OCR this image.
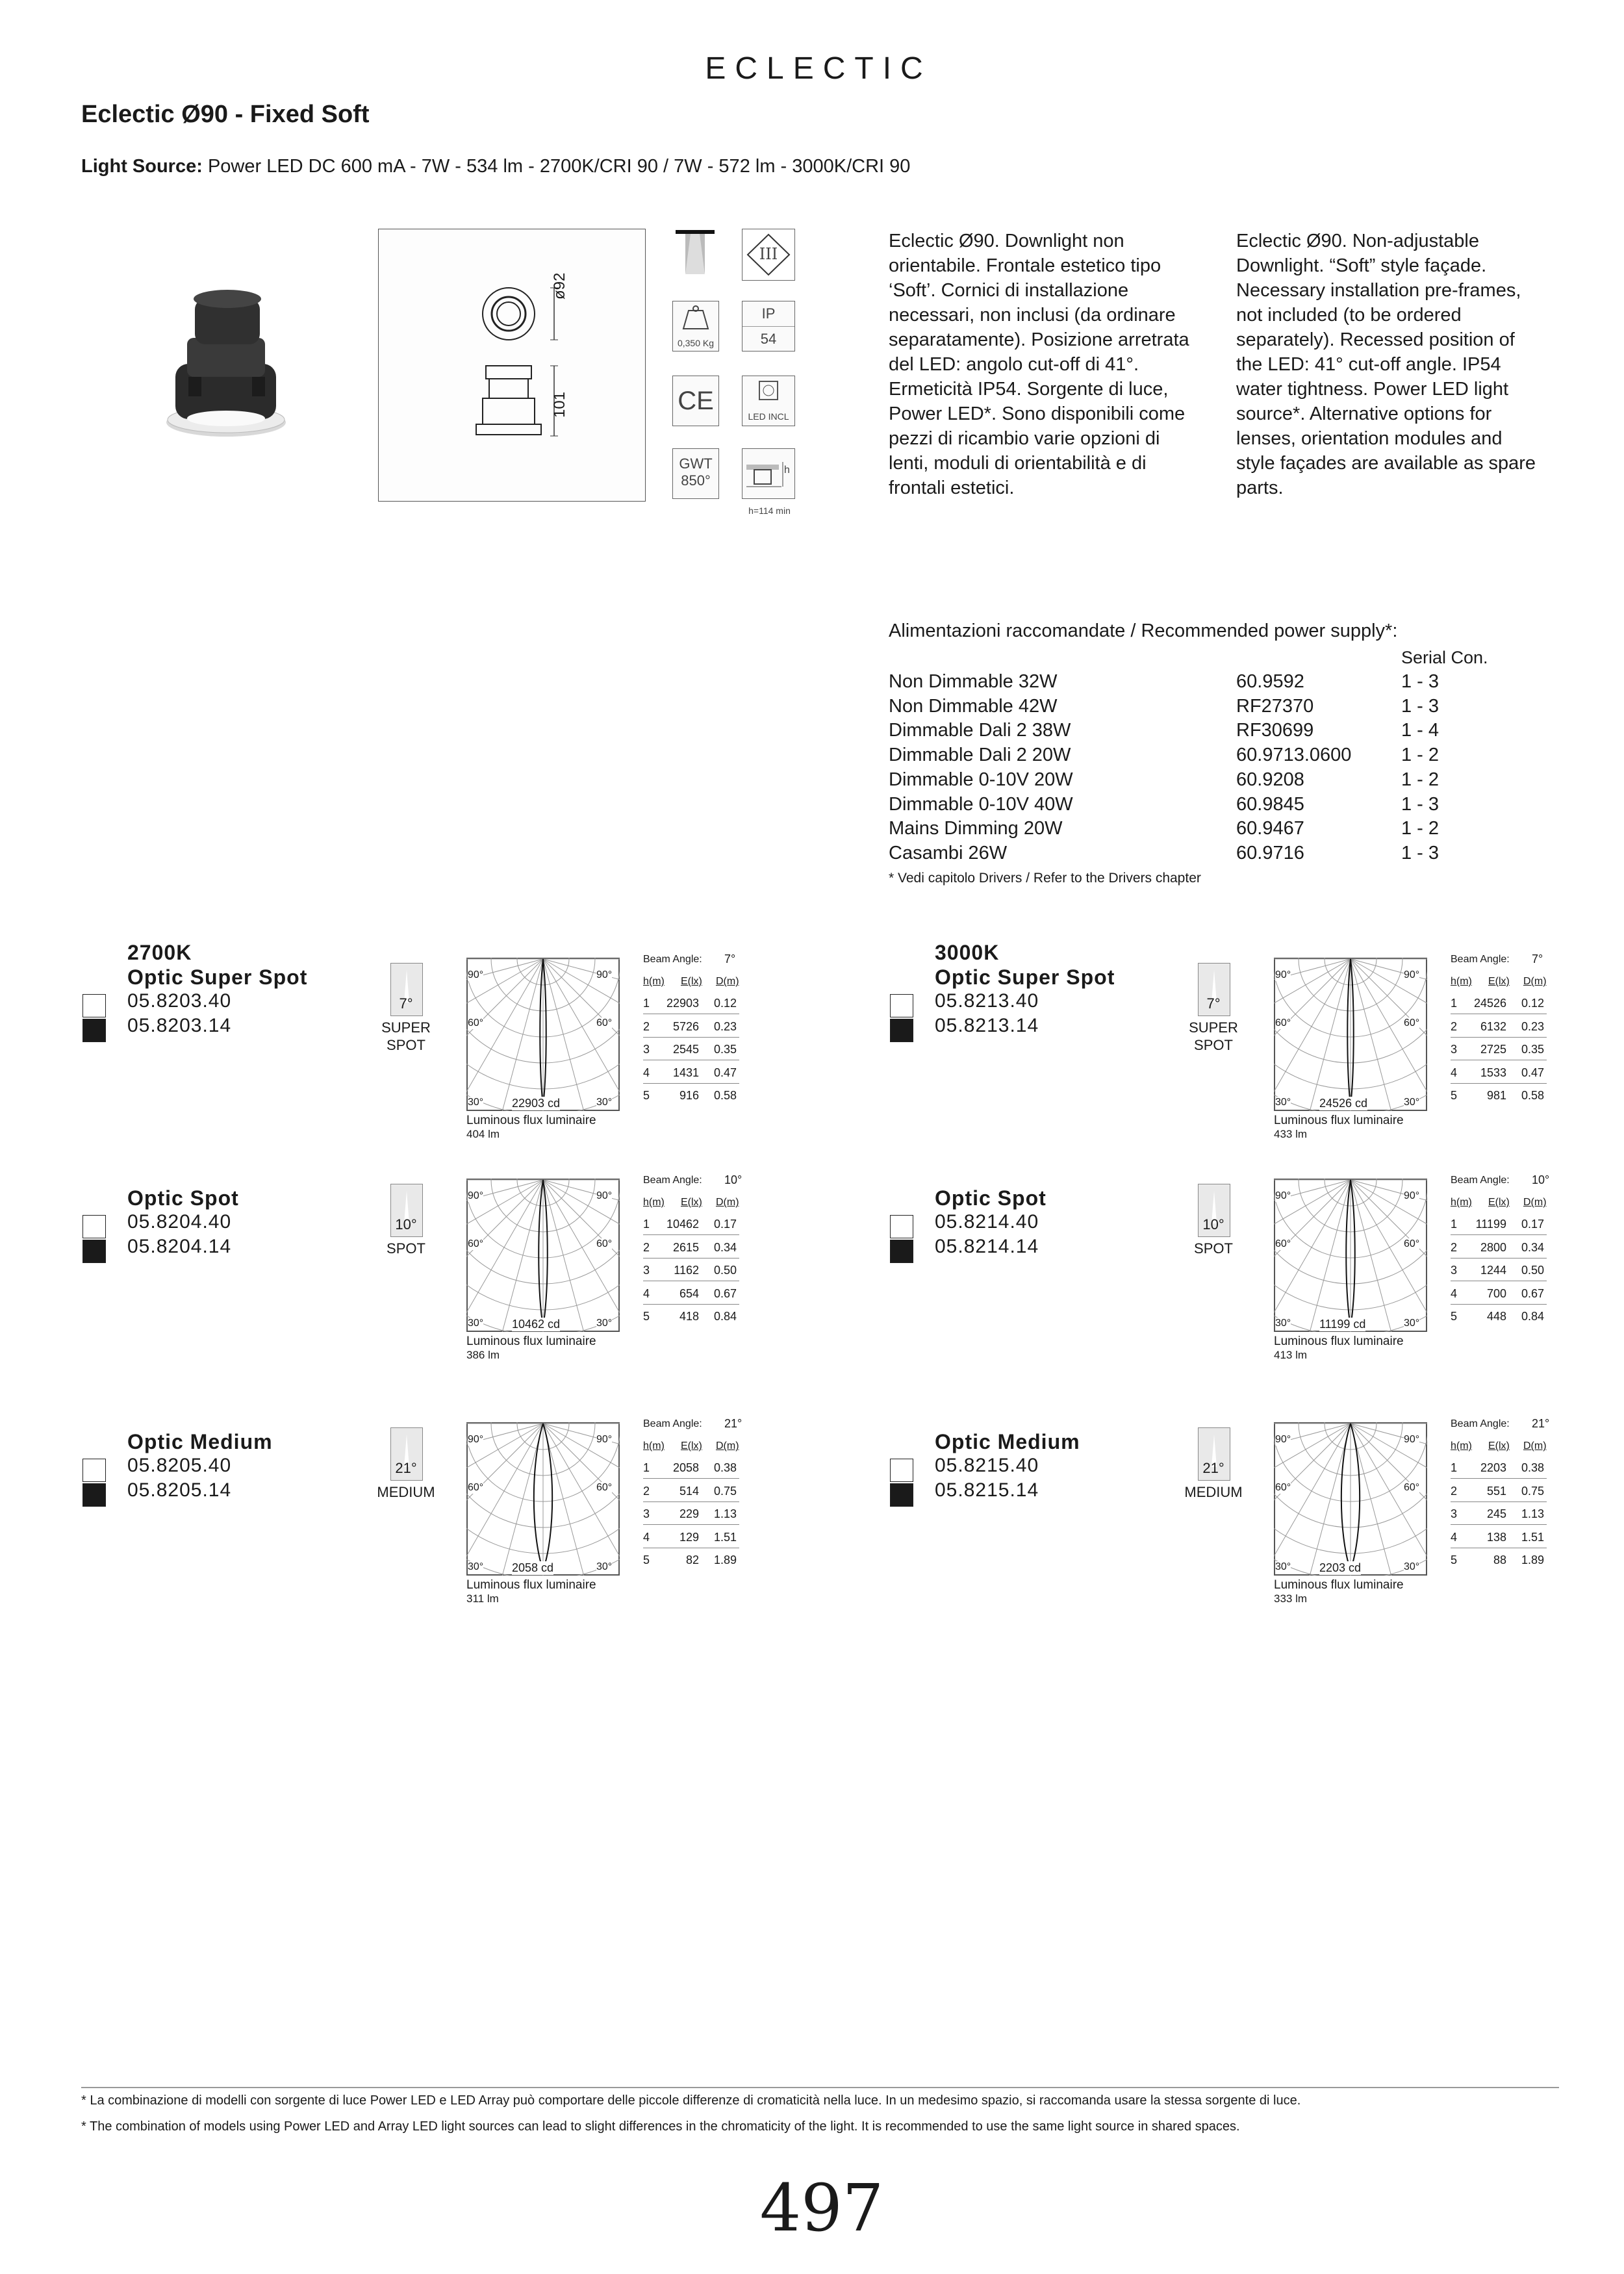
ECLECTIC
Eclectic Ø90 - Fixed Soft
Light Source: Power LED DC 600 mA - 7W - 534 lm - 2700K/CRI 90 / 7W - 572 lm - 3000K/CRI 90
ø92
101
III
0,350 Kg
IP
54
CE
LED INCL
GWT
850°
h
h=114 min
Eclectic Ø90. Downlight non
orientabile. Frontale estetico tipo
‘Soft’. Cornici di installazione
necessari, non inclusi (da ordinare
separatamente). Posizione arretrata
del LED: angolo cut-off di 41°.
Ermeticità IP54. Sorgente di luce,
Power LED*. Sono disponibili come
pezzi di ricambio varie opzioni di
lenti, moduli di orientabilità e di
frontali estetici.
Eclectic Ø90. Non-adjustable
Downlight. “Soft” style façade.
Necessary installation pre-frames,
not included (to be ordered
separately). Recessed position of
the LED: 41° cut-off angle. IP54
water tightness. Power LED light
source*. Alternative options for
lenses, orientation modules and
style façades are available as spare
parts.
Alimentazioni raccomandate / Recommended power supply*:
Serial Con.
Non Dimmable 32W	60.9592	1 - 3
Non Dimmable 42W	RF27370	1 - 3
Dimmable Dali 2 38W	RF30699	1 - 4
Dimmable Dali 2 20W	60.9713.0600	1 - 2
Dimmable 0-10V 20W	60.9208	1 - 2
Dimmable 0-10V 40W	60.9845	1 - 3
Mains Dimming 20W	60.9467	1 - 2
Casambi 26W	60.9716	1 - 3
* Vedi capitolo Drivers / Refer to the Drivers chapter
2700K
Optic Super Spot
05.8203.40
05.8203.14
7°
SUPER
SPOT
90°	90°
60°	60°
30°	30°
22903 cd
Luminous flux luminaire
404 lm
Beam Angle: 7°
h(m) E(lx) D(m)
1	22903	0.12
2	5726	0.23
3	2545	0.35
4	1431	0.47
5	916	0.58
3000K
Optic Super Spot
05.8213.40
05.8213.14
7°
SUPER
SPOT
90°	90°
60°	60°
30°	30°
24526 cd
Luminous flux luminaire
433 lm
Beam Angle: 7°
h(m) E(lx) D(m)
1	24526	0.12
2	6132	0.23
3	2725	0.35
4	1533	0.47
5	981	0.58
Optic Spot
05.8204.40
05.8204.14
10°
SPOT
90°	90°
60°	60°
30°	30°
10462 cd
Luminous flux luminaire
386 lm
Beam Angle: 10°
h(m) E(lx) D(m)
1	10462	0.17
2	2615	0.34
3	1162	0.50
4	654	0.67
5	418	0.84
Optic Spot
05.8214.40
05.8214.14
10°
SPOT
90°	90°
60°	60°
30°	30°
11199 cd
Luminous flux luminaire
413 lm
Beam Angle: 10°
h(m) E(lx) D(m)
1	11199	0.17
2	2800	0.34
3	1244	0.50
4	700	0.67
5	448	0.84
Optic Medium
05.8205.40
05.8205.14
21°
MEDIUM
90°	90°
60°	60°
30°	30°
2058 cd
Luminous flux luminaire
311 lm
Beam Angle: 21°
h(m) E(lx) D(m)
1	2058	0.38
2	514	0.75
3	229	1.13
4	129	1.51
5	82	1.89
Optic Medium
05.8215.40
05.8215.14
21°
MEDIUM
90°	90°
60°	60°
30°	30°
2203 cd
Luminous flux luminaire
333 lm
Beam Angle: 21°
h(m) E(lx) D(m)
1	2203	0.38
2	551	0.75
3	245	1.13
4	138	1.51
5	88	1.89
* La combinazione di modelli con sorgente di luce Power LED e LED Array può comportare delle piccole differenze di cromaticità nella luce. In un medesimo spazio, si raccomanda usare la stessa sorgente di luce.
* The combination of models using Power LED and Array LED light sources can lead to slight differences in the chromaticity of the light. It is recommended to use the same light source in shared spaces.
497
